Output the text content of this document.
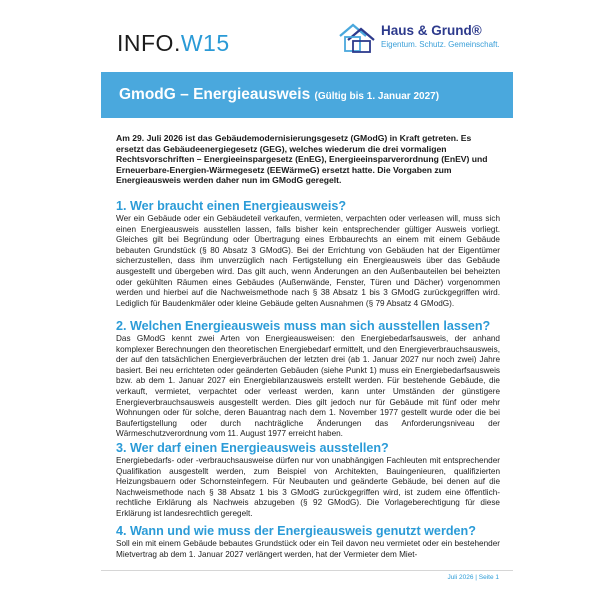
INFO.W15	Haus & Grund®
Eigentum. Schutz. Gemeinschaft.
GmodG – Energieausweis (Gültig bis 1. Januar 2027)
Am 29. Juli 2026 ist das Gebäudemodernisierungsgesetz (GModG) in Kraft getreten. Es ersetzt das Gebäudeenergiegesetz (GEG), welches wiederum die drei vormaligen Rechtsvorschriften – Energieeinspargesetz (EnEG), Energieeinsparverordnung (EnEV) und Erneuerbare-Energien-Wärmegesetz (EEWärmeG) ersetzt hatte. Die Vorgaben zum Energieausweis werden daher nun im GModG geregelt.
1. Wer braucht einen Energieausweis?

Wer ein Gebäude oder ein Gebäudeteil verkaufen, vermieten, verpachten oder verleasen will, muss sich einen Energieausweis ausstellen lassen, falls bisher kein entsprechender gültiger Ausweis vorliegt. Gleiches gilt bei Begründung oder Übertragung eines Erbbaurechts an einem mit einem Gebäude bebauten Grundstück (§ 80 Absatz 3 GModG). Bei der Errichtung von Gebäuden hat der Eigentümer sicherzustellen, dass ihm unverzüglich nach Fertigstellung ein Energieausweis über das Gebäude ausgestellt und übergeben wird. Das gilt auch, wenn Änderungen an den Außenbauteilen bei beheizten oder gekühlten Räumen eines Gebäudes (Außenwände, Fenster, Türen und Dächer) vorgenommen werden und hierbei auf die Nachweismethode nach § 38 Absatz 1 bis 3 GModG zurückgegriffen wird. Lediglich für Baudenkmäler oder kleine Gebäude gelten Ausnahmen (§ 79 Absatz 4 GModG).

2. Welchen Energieausweis muss man sich ausstellen lassen?

Das GModG kennt zwei Arten von Energieausweisen: den Energiebedarfsausweis, der anhand komplexer Berechnungen den theoretischen Energiebedarf ermittelt, und den Energieverbrauchsausweis, der auf den tatsächlichen Energieverbräuchen der letzten drei (ab 1. Januar 2027 nur noch zwei) Jahre basiert. Bei neu errichteten oder geänderten Gebäuden (siehe Punkt 1) muss ein Energiebedarfsausweis bzw. ab dem 1. Januar 2027 ein Energiebilanzausweis erstellt werden. Für bestehende Gebäude, die verkauft, vermietet, verpachtet oder verleast werden, kann unter Umständen der günstigere Energieverbrauchsausweis ausgestellt werden. Dies gilt jedoch nur für Gebäude mit fünf oder mehr Wohnungen oder für solche, deren Bauantrag nach dem 1. November 1977 gestellt wurde oder die bei Baufertigstellung oder durch nachträgliche Änderungen das Anforderungsniveau der Wärmeschutzverordnung vom 11. August 1977 erreicht haben.

3. Wer darf einen Energieausweis ausstellen?

Energiebedarfs- oder -verbrauchsausweise dürfen nur von unabhängigen Fachleuten mit entsprechender Qualifikation ausgestellt werden, zum Beispiel von Architekten, Bauingenieuren, qualifizierten Heizungsbauern oder Schornsteinfegern. Für Neubauten und geänderte Gebäude, bei denen auf die Nachweismethode nach § 38 Absatz 1 bis 3 GModG zurückgegriffen wird, ist zudem eine öffentlich-rechtliche Erklärung als Nachweis abzugeben (§ 92 GModG). Die Vorlageberechtigung für diese Erklärung ist landesrechtlich geregelt.

4. Wann und wie muss der Energieausweis genutzt werden?

Soll ein mit einem Gebäude bebautes Grundstück oder ein Teil davon neu vermietet oder ein bestehender Mietvertrag ab dem 1. Januar 2027 verlängert werden, hat der Vermieter dem Miet-

Juli 2026 | Seite 1
